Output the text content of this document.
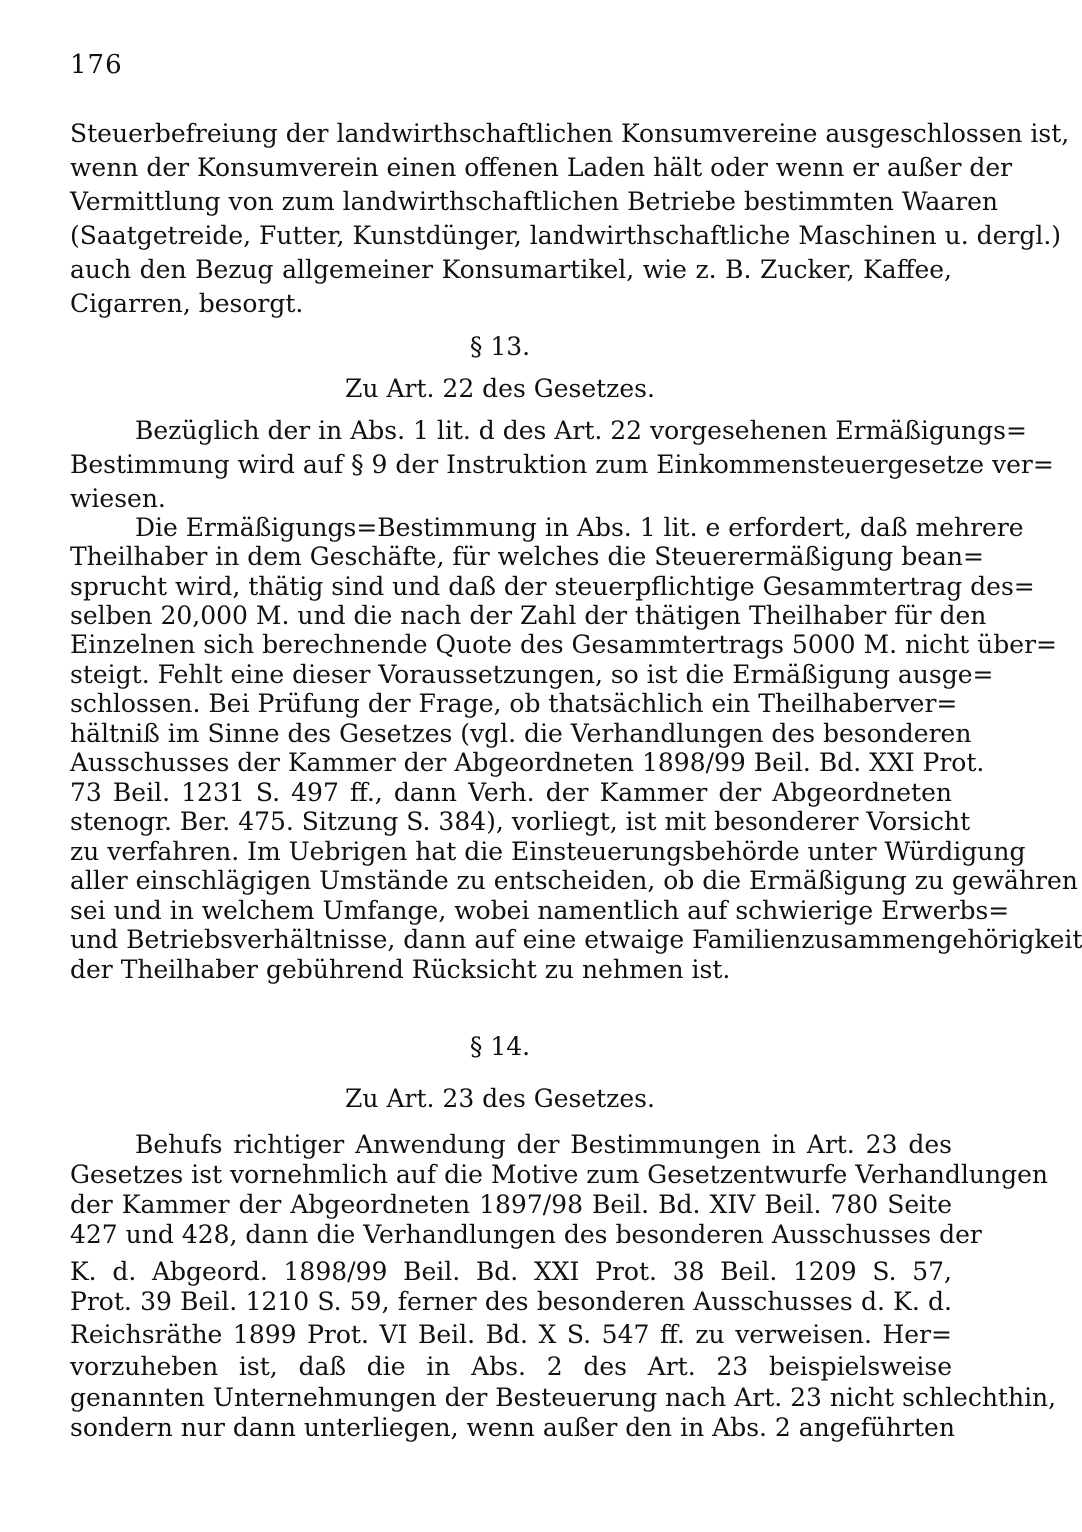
176
Steuerbefreiung der landwirthschaftlichen Konsumvereine ausgeschlossen ist,
wenn der Konsumverein einen offenen Laden hält oder wenn er außer der
Vermittlung von zum landwirthschaftlichen Betriebe bestimmten Waaren
(Saatgetreide, Futter, Kunstdünger, landwirthschaftliche Maschinen u. dergl.)
auch den Bezug allgemeiner Konsumartikel, wie z. B. Zucker, Kaffee,
Cigarren, besorgt.
§ 13.
Zu Art. 22 des Gesetzes.
Bezüglich der in Abs. 1 lit. d des Art. 22 vorgesehenen Ermäßigungs=
Bestimmung wird auf § 9 der Instruktion zum Einkommensteuergesetze ver=
wiesen.
Die Ermäßigungs=Bestimmung in Abs. 1 lit. e erfordert, daß mehrere
Theilhaber in dem Geschäfte, für welches die Steuerermäßigung bean=
sprucht wird, thätig sind und daß der steuerpflichtige Gesammtertrag des=
selben 20,000 M. und die nach der Zahl der thätigen Theilhaber für den
Einzelnen sich berechnende Quote des Gesammtertrags 5000 M. nicht über=
steigt. Fehlt eine dieser Voraussetzungen, so ist die Ermäßigung ausge=
schlossen. Bei Prüfung der Frage, ob thatsächlich ein Theilhaberver=
hältniß im Sinne des Gesetzes (vgl. die Verhandlungen des besonderen
Ausschusses der Kammer der Abgeordneten 1898/99 Beil. Bd. XXI Prot.
73 Beil. 1231 S. 497 ff., dann Verh. der Kammer der Abgeordneten
stenogr. Ber. 475. Sitzung S. 384), vorliegt, ist mit besonderer Vorsicht
zu verfahren. Im Uebrigen hat die Einsteuerungsbehörde unter Würdigung
aller einschlägigen Umstände zu entscheiden, ob die Ermäßigung zu gewähren
sei und in welchem Umfange, wobei namentlich auf schwierige Erwerbs=
und Betriebsverhältnisse, dann auf eine etwaige Familienzusammengehörigkeit
der Theilhaber gebührend Rücksicht zu nehmen ist.
§ 14.
Zu Art. 23 des Gesetzes.
Behufs richtiger Anwendung der Bestimmungen in Art. 23 des
Gesetzes ist vornehmlich auf die Motive zum Gesetzentwurfe Verhandlungen
der Kammer der Abgeordneten 1897/98 Beil. Bd. XIV Beil. 780 Seite
427 und 428, dann die Verhandlungen des besonderen Ausschusses der
K. d. Abgeord. 1898/99 Beil. Bd. XXI Prot. 38 Beil. 1209 S. 57,
Prot. 39 Beil. 1210 S. 59, ferner des besonderen Ausschusses d. K. d.
Reichsräthe 1899 Prot. VI Beil. Bd. X S. 547 ff. zu verweisen. Her=
vorzuheben ist, daß die in Abs. 2 des Art. 23 beispielsweise
genannten Unternehmungen der Besteuerung nach Art. 23 nicht schlechthin,
sondern nur dann unterliegen, wenn außer den in Abs. 2 angeführten
